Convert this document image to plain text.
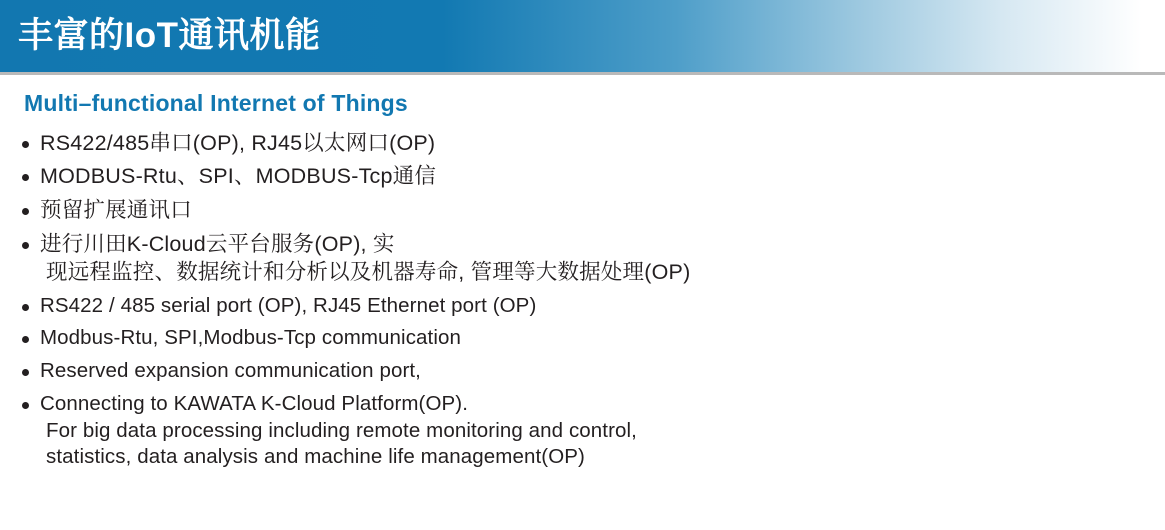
丰富的IoT通讯机能
Multi–functional Internet of Things
RS422/485串口(OP), RJ45以太网口(OP)
MODBUS-Rtu、SPI、MODBUS-Tcp通信
预留扩展通讯口
进行川田K-Cloud云平台服务(OP), 实
现远程监控、数据统计和分析以及机器寿命, 管理等大数据处理(OP)
RS422 / 485 serial port (OP), RJ45 Ethernet port (OP)
Modbus-Rtu, SPI,Modbus-Tcp communication
Reserved expansion communication port,
Connecting to KAWATA K-Cloud Platform(OP).
For big data processing including remote monitoring and control,
statistics, data analysis and machine life management(OP)
